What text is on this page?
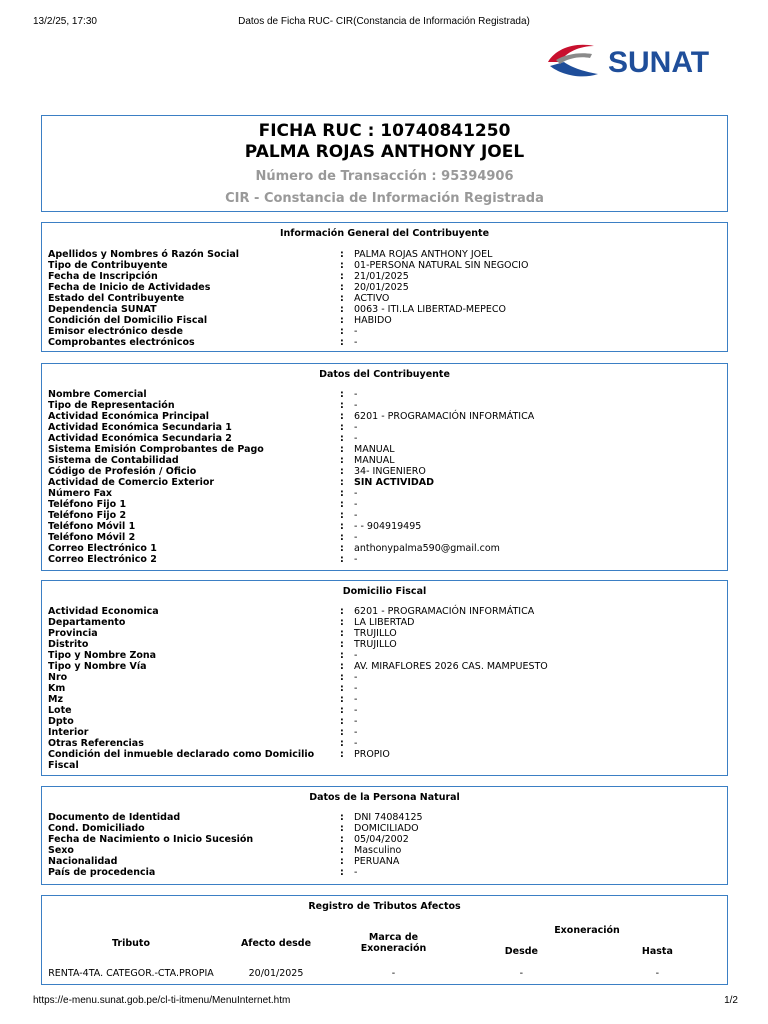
13/2/25, 17:30	Datos de Ficha RUC- CIR(Constancia de Información Registrada)
SUNAT
FICHA RUC : 10740841250
PALMA ROJAS ANTHONY JOEL
Número de Transacción : 95394906
CIR - Constancia de Información Registrada
Información General del Contribuyente
Apellidos y Nombres ó Razón Social	:	PALMA ROJAS ANTHONY JOEL
Tipo de Contribuyente	:	01-PERSONA NATURAL SIN NEGOCIO
Fecha de Inscripción	:	21/01/2025
Fecha de Inicio de Actividades	:	20/01/2025
Estado del Contribuyente	:	ACTIVO
Dependencia SUNAT	:	0063 - ITI.LA LIBERTAD-MEPECO
Condición del Domicilio Fiscal	:	HABIDO
Emisor electrónico desde	:	-
Comprobantes electrónicos	:	-
Datos del Contribuyente
Nombre Comercial	:	-
Tipo de Representación	:	-
Actividad Económica Principal	:	6201 - PROGRAMACIÓN INFORMÁTICA
Actividad Económica Secundaria 1	:	-
Actividad Económica Secundaria 2	:	-
Sistema Emisión Comprobantes de Pago	:	MANUAL
Sistema de Contabilidad	:	MANUAL
Código de Profesión / Oficio	:	34- INGENIERO
Actividad de Comercio Exterior	:	SIN ACTIVIDAD
Número Fax	:	-
Teléfono Fijo 1	:	-
Teléfono Fijo 2	:	-
Teléfono Móvil 1	:	- - 904919495
Teléfono Móvil 2	:	-
Correo Electrónico 1	:	anthonypalma590@gmail.com
Correo Electrónico 2	:	-
Domicilio Fiscal
Actividad Economica	:	6201 - PROGRAMACIÓN INFORMÁTICA
Departamento	:	LA LIBERTAD
Provincia	:	TRUJILLO
Distrito	:	TRUJILLO
Tipo y Nombre Zona	:	-
Tipo y Nombre Vía	:	AV. MIRAFLORES 2026 CAS. MAMPUESTO
Nro	:	-
Km	:	-
Mz	:	-
Lote	:	-
Dpto	:	-
Interior	:	-
Otras Referencias	:	-
Condición del inmueble declarado como Domicilio Fiscal
:	PROPIO
Datos de la Persona Natural
Documento de Identidad	:	DNI 74084125
Cond. Domiciliado	:	DOMICILIADO
Fecha de Nacimiento o Inicio Sucesión	:	05/04/2002
Sexo	:	Masculino
Nacionalidad	:	PERUANA
País de procedencia	:	-
Registro de Tributos Afectos
Tributo	Afecto desde	Marca de Exoneración	Exoneración	
			Desde	Hasta
RENTA-4TA. CATEGOR.-CTA.PROPIA	20/01/2025	-	-	-
https://e-menu.sunat.gob.pe/cl-ti-itmenu/MenuInternet.htm	1/2
